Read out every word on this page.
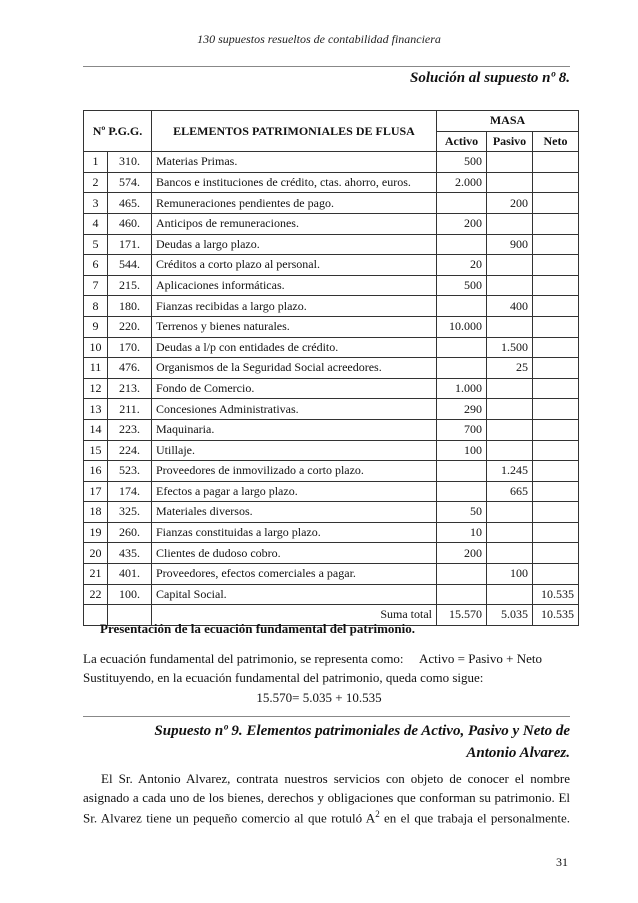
130 supuestos resueltos de contabilidad financiera
Solución al supuesto nº 8.
Nº P.G.G.		ELEMENTOS PATRIMONIALES DE FLUSA	MASA		
			Activo	Pasivo	Neto
1	310.	Materias Primas.	500		
2	574.	Bancos e instituciones de crédito, ctas. ahorro, euros.	2.000		
3	465.	Remuneraciones pendientes de pago.		200	
4	460.	Anticipos de remuneraciones.	200		
5	171.	Deudas a largo plazo.		900	
6	544.	Créditos a corto plazo al personal.	20		
7	215.	Aplicaciones informáticas.	500		
8	180.	Fianzas recibidas a largo plazo.		400	
9	220.	Terrenos y bienes naturales.	10.000		
10	170.	Deudas a l/p con entidades de crédito.		1.500	
11	476.	Organismos de la Seguridad Social acreedores.		25	
12	213.	Fondo de Comercio.	1.000		
13	211.	Concesiones Administrativas.	290		
14	223.	Maquinaria.	700		
15	224.	Utillaje.	100		
16	523.	Proveedores de inmovilizado a corto plazo.		1.245	
17	174.	Efectos a pagar a largo plazo.		665	
18	325.	Materiales diversos.	50		
19	260.	Fianzas constituidas a largo plazo.	10		
20	435.	Clientes de dudoso cobro.	200		
21	401.	Proveedores, efectos comerciales a pagar.		100	
22	100.	Capital Social.			10.535
		Suma total	15.570	5.035	10.535
Presentación de la ecuación fundamental del patrimonio.
La ecuación fundamental del patrimonio, se representa como: Activo = Pasivo + Neto
Sustituyendo, en la ecuación fundamental del patrimonio, queda como sigue:
15.570= 5.035 + 10.535
Supuesto nº 9. Elementos patrimoniales de Activo, Pasivo y Neto de
Antonio Alvarez.
El Sr. Antonio Alvarez, contrata nuestros servicios con objeto de conocer el nombre
asignado a cada uno de los bienes, derechos y obligaciones que conforman su patrimonio. El
Sr. Alvarez tiene un pequeño comercio al que rotuló $A^2$ en el que trabaja el personalmente.
31
